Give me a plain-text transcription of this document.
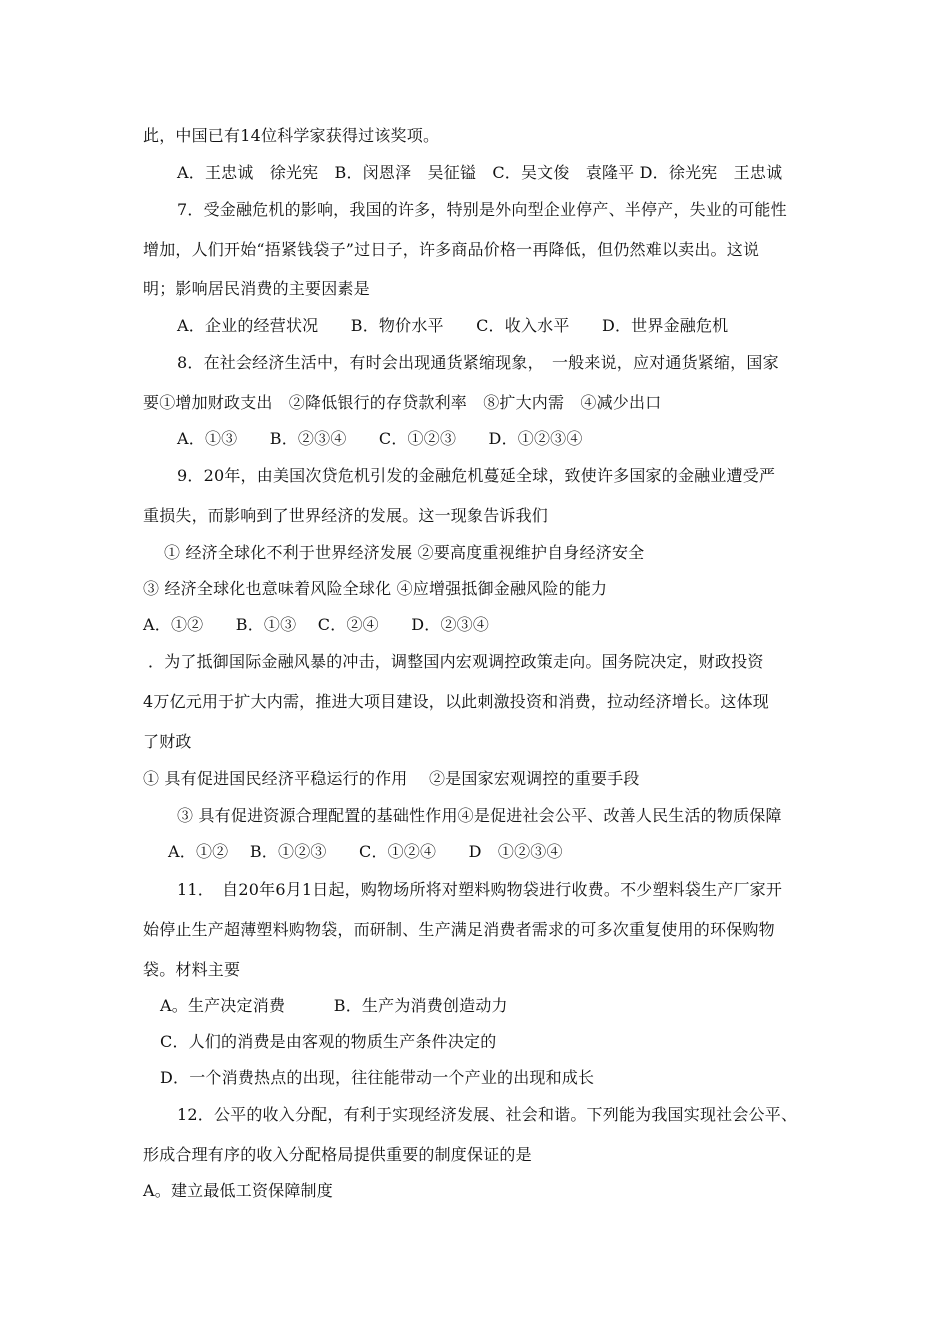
此，中国已有14位科学家获得过该奖项。
A．王忠诚　徐光宪　B．闵恩泽　吴征镒　C．吴文俊　袁隆平 D．徐光宪　王忠诚
7．受金融危机的影响，我国的许多，特别是外向型企业停产、半停产，失业的可能性
增加，人们开始“捂紧钱袋子”过日子，许多商品价格一再降低，但仍然难以卖出。这说
明；影响居民消费的主要因素是
A．企业的经营状况　　B．物价水平　　C．收入水平　　D．世界金融危机
8．在社会经济生活中，有时会出现通货紧缩现象，　一般来说，应对通货紧缩，国家
要①增加财政支出　②降低银行的存贷款利率　⑧扩大内需　④减少出口
A．①③　　B．②③④　　C．①②③　　D．①②③④
9．20年，由美国次贷危机引发的金融危机蔓延全球，致使许多国家的金融业遭受严
重损失，而影响到了世界经济的发展。这一现象告诉我们
① 经济全球化不利于世界经济发展 ②要高度重视维护自身经济安全
③ 经济全球化也意味着风险全球化 ④应增强抵御金融风险的能力
A．①②　　B．①③　 C．②④　　D．②③④
．为了抵御国际金融风暴的冲击，调整国内宏观调控政策走向。国务院决定，财政投资
4万亿元用于扩大内需，推进大项目建设，以此刺激投资和消费，拉动经济增长。这体现
了财政
① 具有促进国民经济平稳运行的作用　 ②是国家宏观调控的重要手段
③ 具有促进资源合理配置的基础性作用④是促进社会公平、改善人民生活的物质保障
A．①②　 B．①②③　　C．①②④　　D　①②③④
11．　自20年6月1日起，购物场所将对塑料购物袋进行收费。不少塑料袋生产厂家开
始停止生产超薄塑料购物袋，而研制、生产满足消费者需求的可多次重复使用的环保购物
袋。材料主要
A。生产决定消费　　　B．生产为消费创造动力
C．人们的消费是由客观的物质生产条件决定的
D．一个消费热点的出现，往往能带动一个产业的出现和成长
12．公平的收入分配，有利于实现经济发展、社会和谐。下列能为我国实现社会公平、
形成合理有序的收入分配格局提供重要的制度保证的是
A。建立最低工资保障制度
